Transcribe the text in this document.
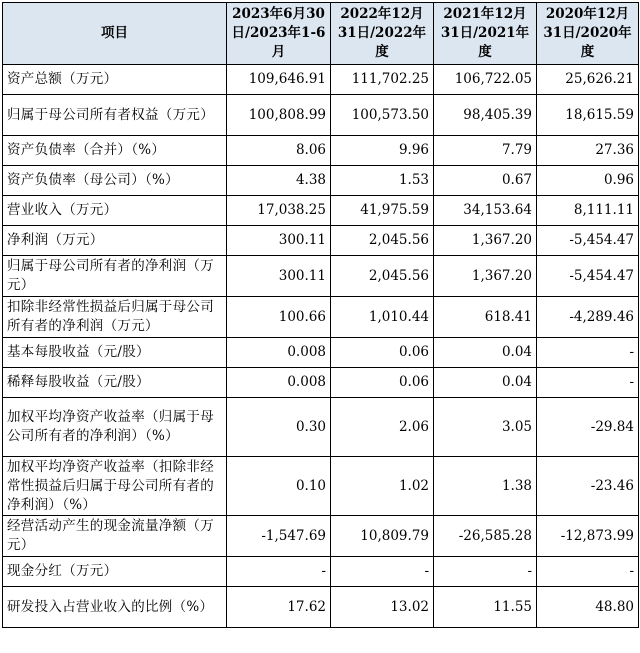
项目	2023年6月30日/2023年1-6月	2022年12月31日/2022年度	2021年12月31日/2021年度	2020年12月31日/2020年度
资产总额（万元）	109,646.91	111,702.25	106,722.05	25,626.21
归属于母公司所有者权益（万元）	100,808.99	100,573.50	98,405.39	18,615.59
资产负债率（合并）（%）	8.06	9.96	7.79	27.36
资产负债率（母公司）（%）	4.38	1.53	0.67	0.96
营业收入（万元）	17,038.25	41,975.59	34,153.64	8,111.11
净利润（万元）	300.11	2,045.56	1,367.20	-5,454.47
归属于母公司所有者的净利润（万元）	300.11	2,045.56	1,367.20	-5,454.47
扣除非经常性损益后归属于母公司所有者的净利润（万元）	100.66	1,010.44	618.41	-4,289.46
基本每股收益（元/股）	0.008	0.06	0.04	-
稀释每股收益（元/股）	0.008	0.06	0.04	-
加权平均净资产收益率（归属于母公司所有者的净利润）（%）	0.30	2.06	3.05	-29.84
加权平均净资产收益率（扣除非经常性损益后归属于母公司所有者的净利润）（%）	0.10	1.02	1.38	-23.46
经营活动产生的现金流量净额（万元）	-1,547.69	10,809.79	-26,585.28	-12,873.99
现金分红（万元）	-	-	-	-
研发投入占营业收入的比例（%）	17.62	13.02	11.55	48.80
